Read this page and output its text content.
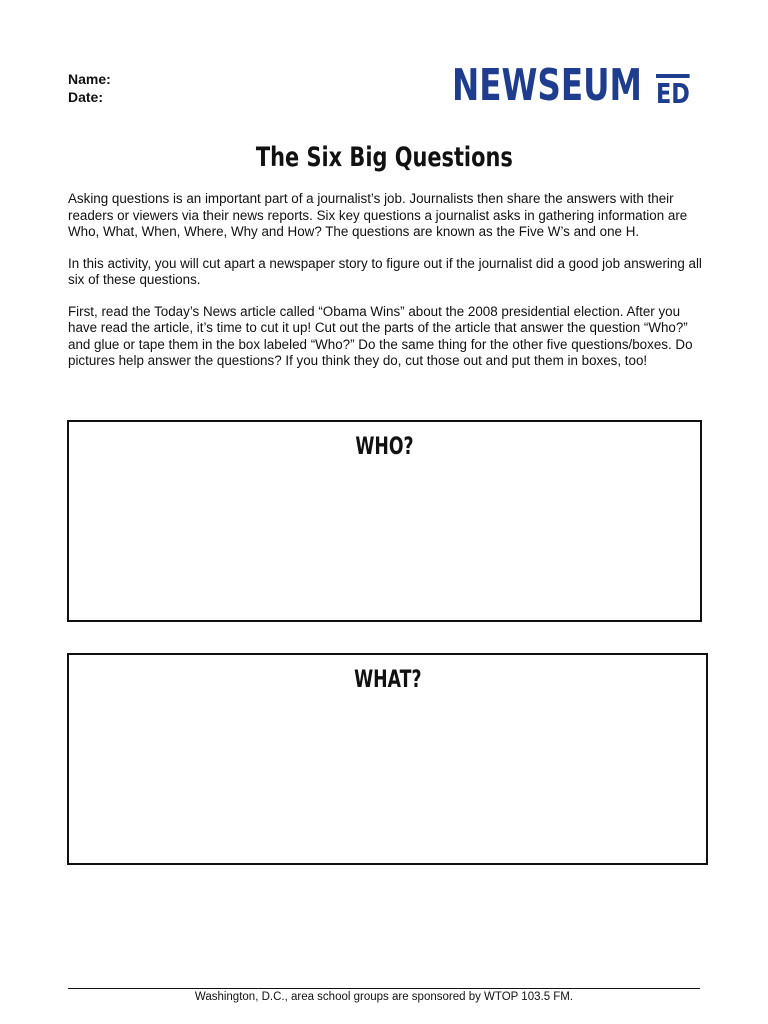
Name:
Date:	NEWSEUM ED
The Six Big Questions

Asking questions is an important part of a journalist’s job. Journalists then share the answers with their readers or viewers via their news reports. Six key questions a journalist asks in gathering information are Who, What, When, Where, Why and How? The questions are known as the Five W’s and one H.

In this activity, you will cut apart a newspaper story to figure out if the journalist did a good job answering all six of these questions.

First, read the Today’s News article called “Obama Wins” about the 2008 presidential election. After you have read the article, it’s time to cut it up! Cut out the parts of the article that answer the question “Who?” and glue or tape them in the box labeled “Who?” Do the same thing for the other five questions/boxes. Do pictures help answer the questions? If you think they do, cut those out and put them in boxes, too!

WHO?
WHAT?
Washington, D.C., area school groups are sponsored by WTOP 103.5 FM.
